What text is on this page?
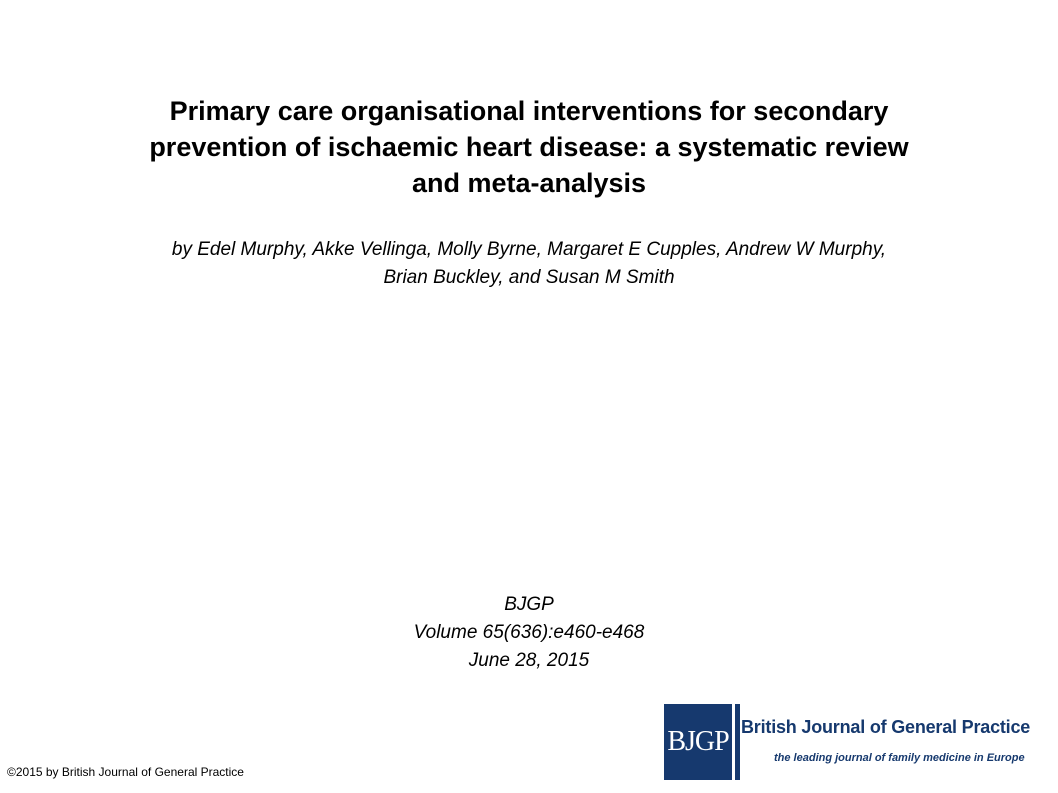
Primary care organisational interventions for secondary
prevention of ischaemic heart disease: a systematic review
and meta-analysis
by Edel Murphy, Akke Vellinga, Molly Byrne, Margaret E Cupples, Andrew W Murphy,
Brian Buckley, and Susan M Smith
BJGP
Volume 65(636):e460-e468
June 28, 2015
©2015 by British Journal of General Practice
BJGP British Journal of General Practice
the leading journal of family medicine in Europe
